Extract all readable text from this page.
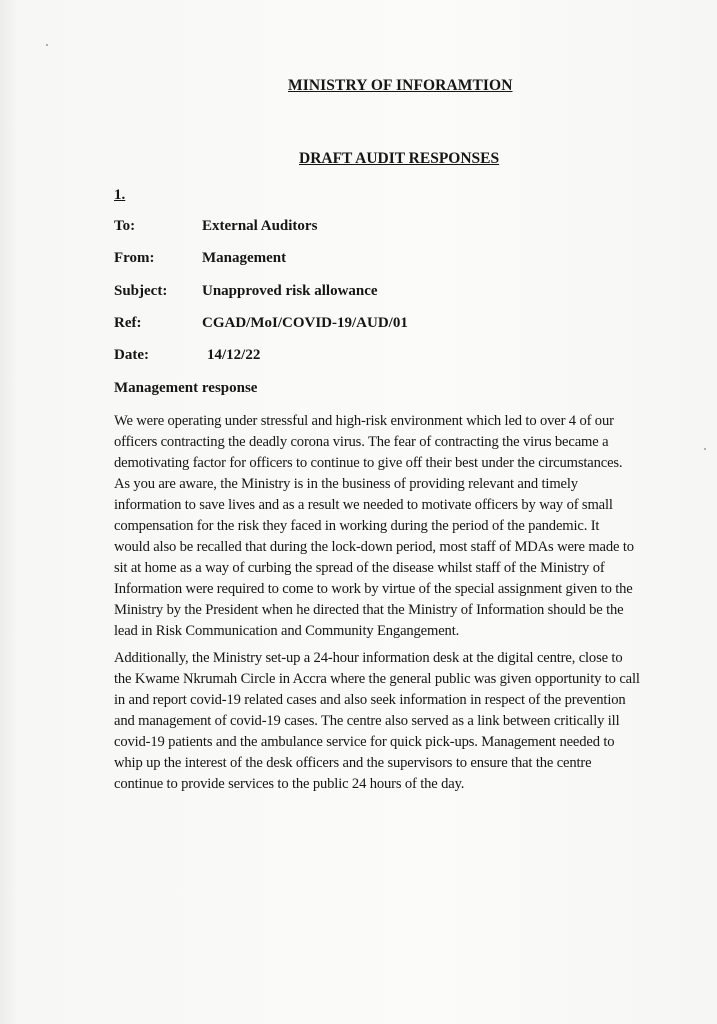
MINISTRY OF INFORAMTION
DRAFT AUDIT RESPONSES
1.
To:	External Auditors
From:	Management
Subject: Unapproved risk allowance
Ref:	CGAD/MoI/COVID-19/AUD/01
Date:	14/12/22
Management response

We were operating under stressful and high-risk environment which led to over 4 of our
officers contracting the deadly corona virus. The fear of contracting the virus became a
demotivating factor for officers to continue to give off their best under the circumstances.
As you are aware, the Ministry is in the business of providing relevant and timely
information to save lives and as a result we needed to motivate officers by way of small
compensation for the risk they faced in working during the period of the pandemic. It
would also be recalled that during the lock-down period, most staff of MDAs were made to
sit at home as a way of curbing the spread of the disease whilst staff of the Ministry of
Information were required to come to work by virtue of the special assignment given to the
Ministry by the President when he directed that the Ministry of Information should be the
lead in Risk Communication and Community Engangement.

Additionally, the Ministry set-up a 24-hour information desk at the digital centre, close to
the Kwame Nkrumah Circle in Accra where the general public was given opportunity to call
in and report covid-19 related cases and also seek information in respect of the prevention
and management of covid-19 cases. The centre also served as a link between critically ill
covid-19 patients and the ambulance service for quick pick-ups. Management needed to
whip up the interest of the desk officers and the supervisors to ensure that the centre
continue to provide services to the public 24 hours of the day.
